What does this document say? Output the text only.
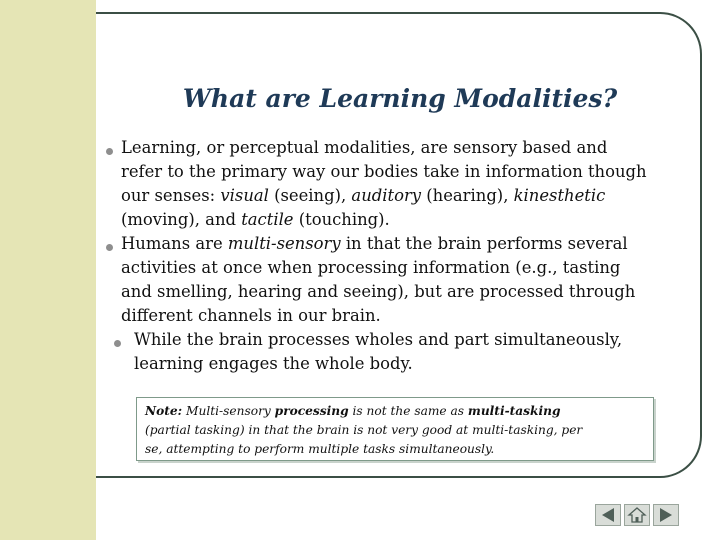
What are Learning Modalities?
Learning, or perceptual modalities, are sensory based and
refer to the primary way our bodies take in information though
our senses: visual (seeing), auditory (hearing), kinesthetic
(moving), and tactile (touching).
Humans are multi-sensory in that the brain performs several
activities at once when processing information (e.g., tasting
and smelling, hearing and seeing), but are processed through
different channels in our brain.
While the brain processes wholes and part simultaneously,
learning engages the whole body.
Note: Multi-sensory processing is not the same as multi-tasking
(partial tasking) in that the brain is not very good at multi-tasking, per
se, attempting to perform multiple tasks simultaneously.
